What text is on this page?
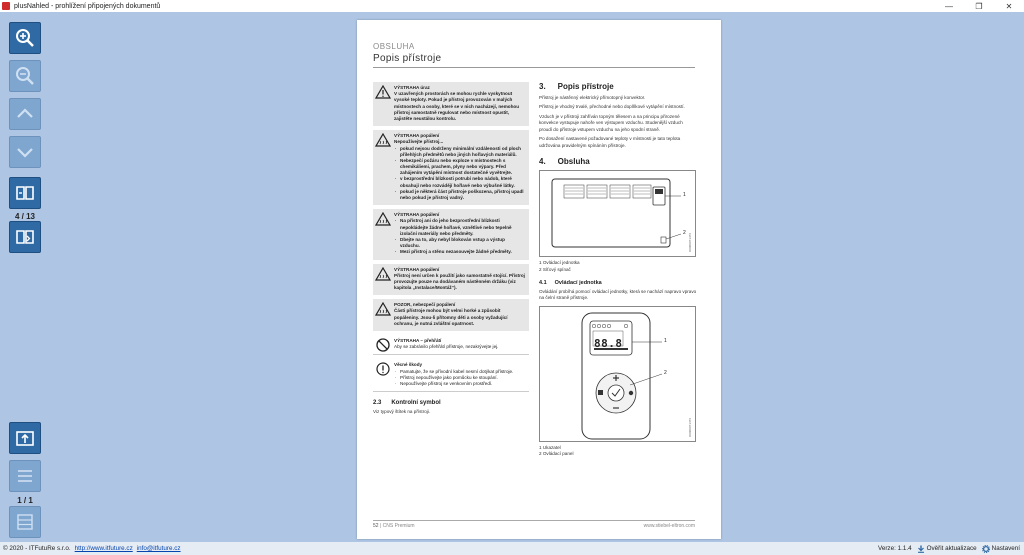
plusNahled - prohlížení připojených dokumentů	—	❐	✕
4 / 13
1 / 1
OBSLUHA
Popis přístroje
VÝSTRAHA úraz
V uzavřených prostorách se mohou rychle vyskytnout vysoké teploty. Pokud je přístroj provozován v malých místnostech a osoby, které se v nich nacházejí, nemohou přístroj samostatně regulovat nebo místnost opustit, zajistěte neustálou kontrolu.
VÝSTRAHA popálení
Nepoužívejte přístroj...
· pokud nejsou dodrženy minimální vzdálenosti od ploch přilehlých předmětů nebo jiných hořlavých materiálů.
· Nebezpečí požáru nebo exploze v místnostech s chemikáliemi, prachem, plyny nebo výpary. Před zahájením vytápění místnost dostatečně vyvětrejte.
· v bezprostřední blízkosti potrubí nebo nádob, které obsahují nebo rozvádějí hořlavé nebo výbušné látky.
· pokud je některá část přístroje poškozena, přístroj upadl nebo pokud je přístroj vadný.
VÝSTRAHA popálení
· Na přístroj ani do jeho bezprostřední blízkosti nepokládejte žádné hořlavé, vznětlivé nebo tepelně izolační materiály nebo předměty.
· Dbejte na to, aby nebyl blokován vstup a výstup vzduchu.
· Mezi přístroj a stěnu nezasouvejte žádné předměty.
VÝSTRAHA popálení
Přístroj není určen k použití jako samostatně stojící. Přístroj provozujte pouze na dodávaném nástěnném držáku (viz kapitola „Instalace/Montáž“).
POZOR, nebezpečí popálení
Části přístroje mohou být velmi horké a způsobit popáleniny. Jsou-li přítomny děti a osoby vyžadující ochranu, je nutná zvláštní opatrnost.
VÝSTRAHA – přehřátí
Aby se zabránilo přehřátí přístroje, nezakrývejte jej.
Věcné škody
· Pamatujte, že se přívodní kabel nesmí dotýkat přístroje.
· Přístroj nepoužívejte jako pomůcku ke stoupání.
· Nepoužívejte přístroj se venkovním prostředí.
2.3 Kontrolní symbol
Viz typový štítek na přístroji.
3. Popis přístroje
Přístroj je nástěnný elektrický přímotopný konvektor.
Přístroj je vhodný trvalé, přechodné nebo doplňkové vytápění místností.
Vzduch je v přístroji zahříván topným tělesem a na principu přirozené konvekce vystupuje nahoře ven výstupem vzduchu. Studenější vzduch proudí do přístroje vstupem vzduchu na jeho spodní straně.
Po dosažení nastavené požadované teploty v místnosti je tato teplota udržována pravidelným spínáním přístroje.
4. Obsluha
1
2
D0000071476
1 Ovládací jednotka
2 Síťový spínač
4.1 Ovládací jednotka
Ovládání probíhá pomocí ovládací jednotky, která se nachází napravo vpravo na čelní straně přístroje.
88.8	1
2
D0000071476
1 Ukazatel
2 Ovládací panel
52 | CNS Premium	www.stiebel-eltron.com
© 2020 - ITFutuRe s.r.o. http://www.itfuture.cz info@itfuture.cz	Verze: 1.1.4 Ověřit aktualizace Nastavení
